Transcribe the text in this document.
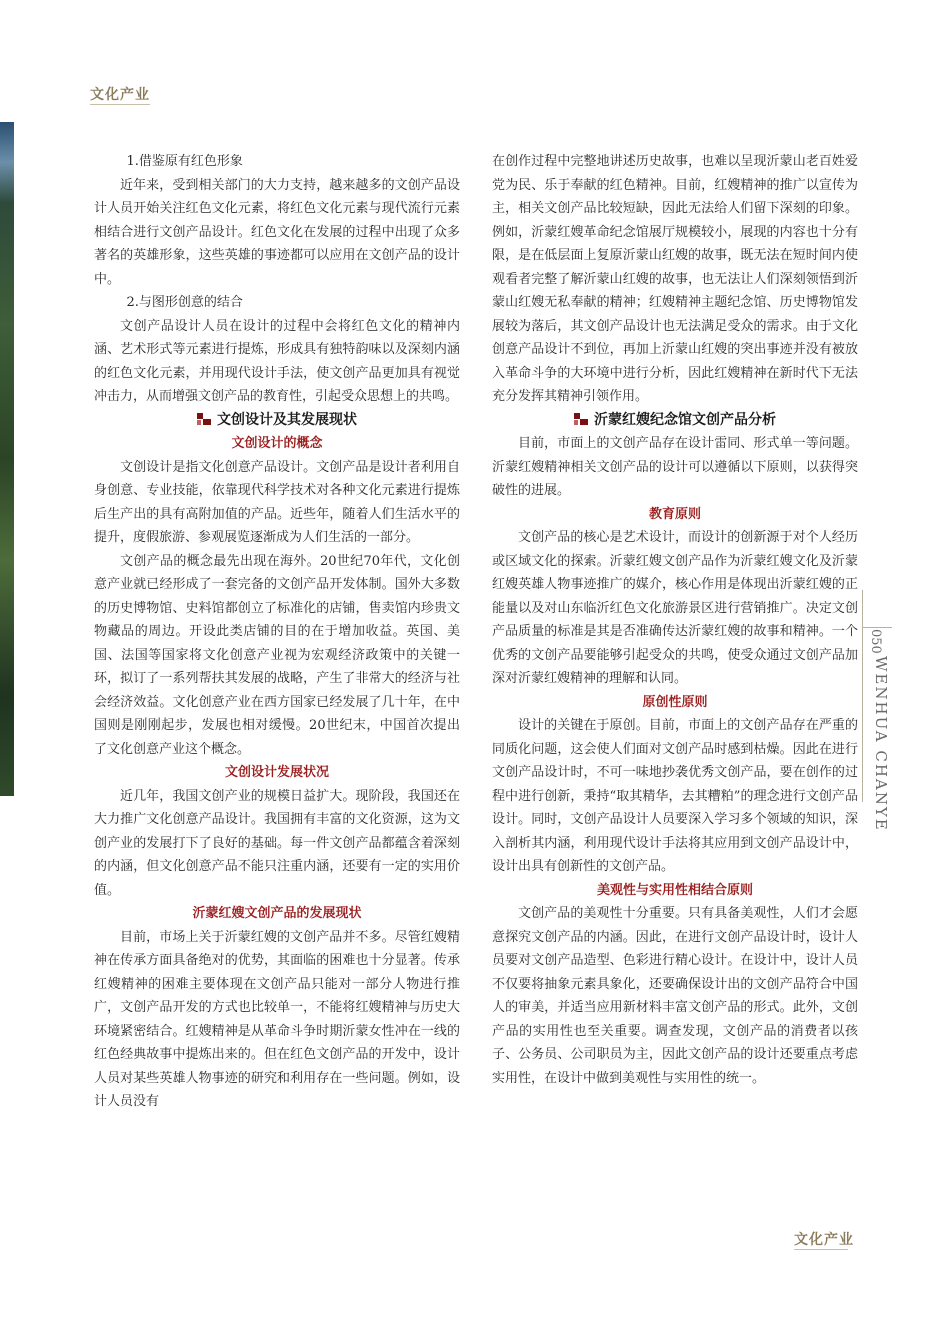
文化产业

1.借鉴原有红色形象

近年来，受到相关部门的大力支持，越来越多的文创产品设计人员开始关注红色文化元素，将红色文化元素与现代流行元素相结合进行文创产品设计。红色文化在发展的过程中出现了众多著名的英雄形象，这些英雄的事迹都可以应用在文创产品的设计中。

2.与图形创意的结合

文创产品设计人员在设计的过程中会将红色文化的精神内涵、艺术形式等元素进行提炼，形成具有独特韵味以及深刻内涵的红色文化元素，并用现代设计手法，使文创产品更加具有视觉冲击力，从而增强文创产品的教育性，引起受众思想上的共鸣。

文创设计及其发展现状
文创设计的概念

文创设计是指文化创意产品设计。文创产品是设计者利用自身创意、专业技能，依靠现代科学技术对各种文化元素进行提炼后生产出的具有高附加值的产品。近些年，随着人们生活水平的提升，度假旅游、参观展览逐渐成为人们生活的一部分。

文创产品的概念最先出现在海外。20世纪70年代，文化创意产业就已经形成了一套完备的文创产品开发体制。国外大多数的历史博物馆、史料馆都创立了标准化的店铺，售卖馆内珍贵文物藏品的周边。开设此类店铺的目的在于增加收益。英国、美国、法国等国家将文化创意产业视为宏观经济政策中的关键一环，拟订了一系列帮扶其发展的战略，产生了非常大的经济与社会经济效益。文化创意产业在西方国家已经发展了几十年，在中国则是刚刚起步，发展也相对缓慢。20世纪末，中国首次提出了文化创意产业这个概念。

文创设计发展状况

近几年，我国文创产业的规模日益扩大。现阶段，我国还在大力推广文化创意产品设计。我国拥有丰富的文化资源，这为文创产业的发展打下了良好的基础。每一件文创产品都蕴含着深刻的内涵，但文化创意产品不能只注重内涵，还要有一定的实用价值。

沂蒙红嫂文创产品的发展现状

目前，市场上关于沂蒙红嫂的文创产品并不多。尽管红嫂精神在传承方面具备绝对的优势，其面临的困难也十分显著。传承红嫂精神的困难主要体现在文创产品只能对一部分人物进行推广，文创产品开发的方式也比较单一，不能将红嫂精神与历史大环境紧密结合。红嫂精神是从革命斗争时期沂蒙女性冲在一线的红色经典故事中提炼出来的。但在红色文创产品的开发中，设计人员对某些英雄人物事迹的研究和利用存在一些问题。例如，设计人员没有

在创作过程中完整地讲述历史故事，也难以呈现沂蒙山老百姓爱党为民、乐于奉献的红色精神。目前，红嫂精神的推广以宣传为主，相关文创产品比较短缺，因此无法给人们留下深刻的印象。例如，沂蒙红嫂革命纪念馆展厅规模较小，展现的内容也十分有限，是在低层面上复原沂蒙山红嫂的故事，既无法在短时间内使观看者完整了解沂蒙山红嫂的故事，也无法让人们深刻领悟到沂蒙山红嫂无私奉献的精神；红嫂精神主题纪念馆、历史博物馆发展较为落后，其文创产品设计也无法满足受众的需求。由于文化创意产品设计不到位，再加上沂蒙山红嫂的突出事迹并没有被放入革命斗争的大环境中进行分析，因此红嫂精神在新时代下无法充分发挥其精神引领作用。

沂蒙红嫂纪念馆文创产品分析

目前，市面上的文创产品存在设计雷同、形式单一等问题。沂蒙红嫂精神相关文创产品的设计可以遵循以下原则，以获得突破性的进展。

教育原则

文创产品的核心是艺术设计，而设计的创新源于对个人经历或区域文化的探索。沂蒙红嫂文创产品作为沂蒙红嫂文化及沂蒙红嫂英雄人物事迹推广的媒介，核心作用是体现出沂蒙红嫂的正能量以及对山东临沂红色文化旅游景区进行营销推广。决定文创产品质量的标准是其是否准确传达沂蒙红嫂的故事和精神。一个优秀的文创产品要能够引起受众的共鸣，使受众通过文创产品加深对沂蒙红嫂精神的理解和认同。

原创性原则

设计的关键在于原创。目前，市面上的文创产品存在严重的同质化问题，这会使人们面对文创产品时感到枯燥。因此在进行文创产品设计时，不可一味地抄袭优秀文创产品，要在创作的过程中进行创新，秉持“取其精华，去其糟粕”的理念进行文创产品设计。同时，文创产品设计人员要深入学习多个领域的知识，深入剖析其内涵，利用现代设计手法将其应用到文创产品设计中，设计出具有创新性的文创产品。

美观性与实用性相结合原则

文创产品的美观性十分重要。只有具备美观性，人们才会愿意探究文创产品的内涵。因此，在进行文创产品设计时，设计人员要对文创产品造型、色彩进行精心设计。在设计中，设计人员不仅要将抽象元素具象化，还要确保设计出的文创产品符合中国人的审美，并适当应用新材料丰富文创产品的形式。此外，文创产品的实用性也至关重要。调查发现，文创产品的消费者以孩子、公务员、公司职员为主，因此文创产品的设计还要重点考虑实用性，在设计中做到美观性与实用性的统一。

050
WENHUA CHANYE
文化产业
